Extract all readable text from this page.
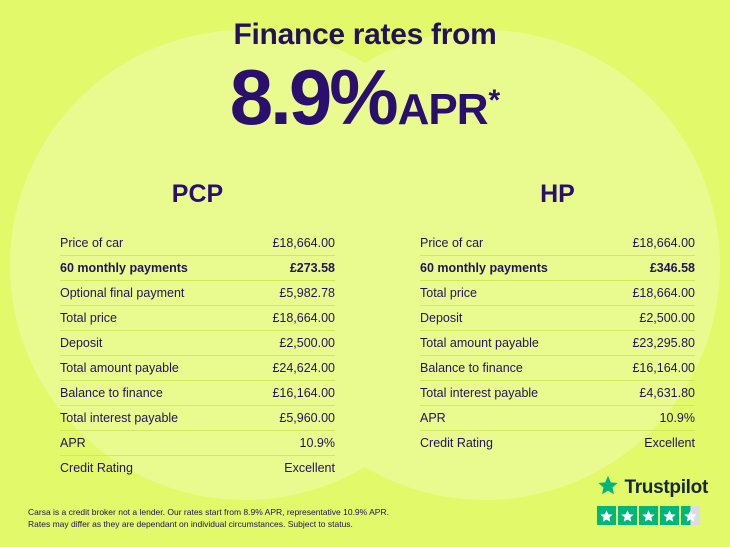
Finance rates from
8.9% APR *
PCP
Price of car	£18,664.00
60 monthly payments	£273.58
Optional final payment	£5,982.78
Total price	£18,664.00
Deposit	£2,500.00
Total amount payable	£24,624.00
Balance to finance	£16,164.00
Total interest payable	£5,960.00
APR	10.9%
Credit Rating	Excellent
HP
Price of car	£18,664.00
60 monthly payments	£346.58
Total price	£18,664.00
Deposit	£2,500.00
Total amount payable	£23,295.80
Balance to finance	£16,164.00
Total interest payable	£4,631.80
APR	10.9%
Credit Rating	Excellent
Carsa is a credit broker not a lender. Our rates start from 8.9% APR, representative 10.9% APR.
Rates may differ as they are dependant on individual circumstances. Subject to status.
Trustpilot
